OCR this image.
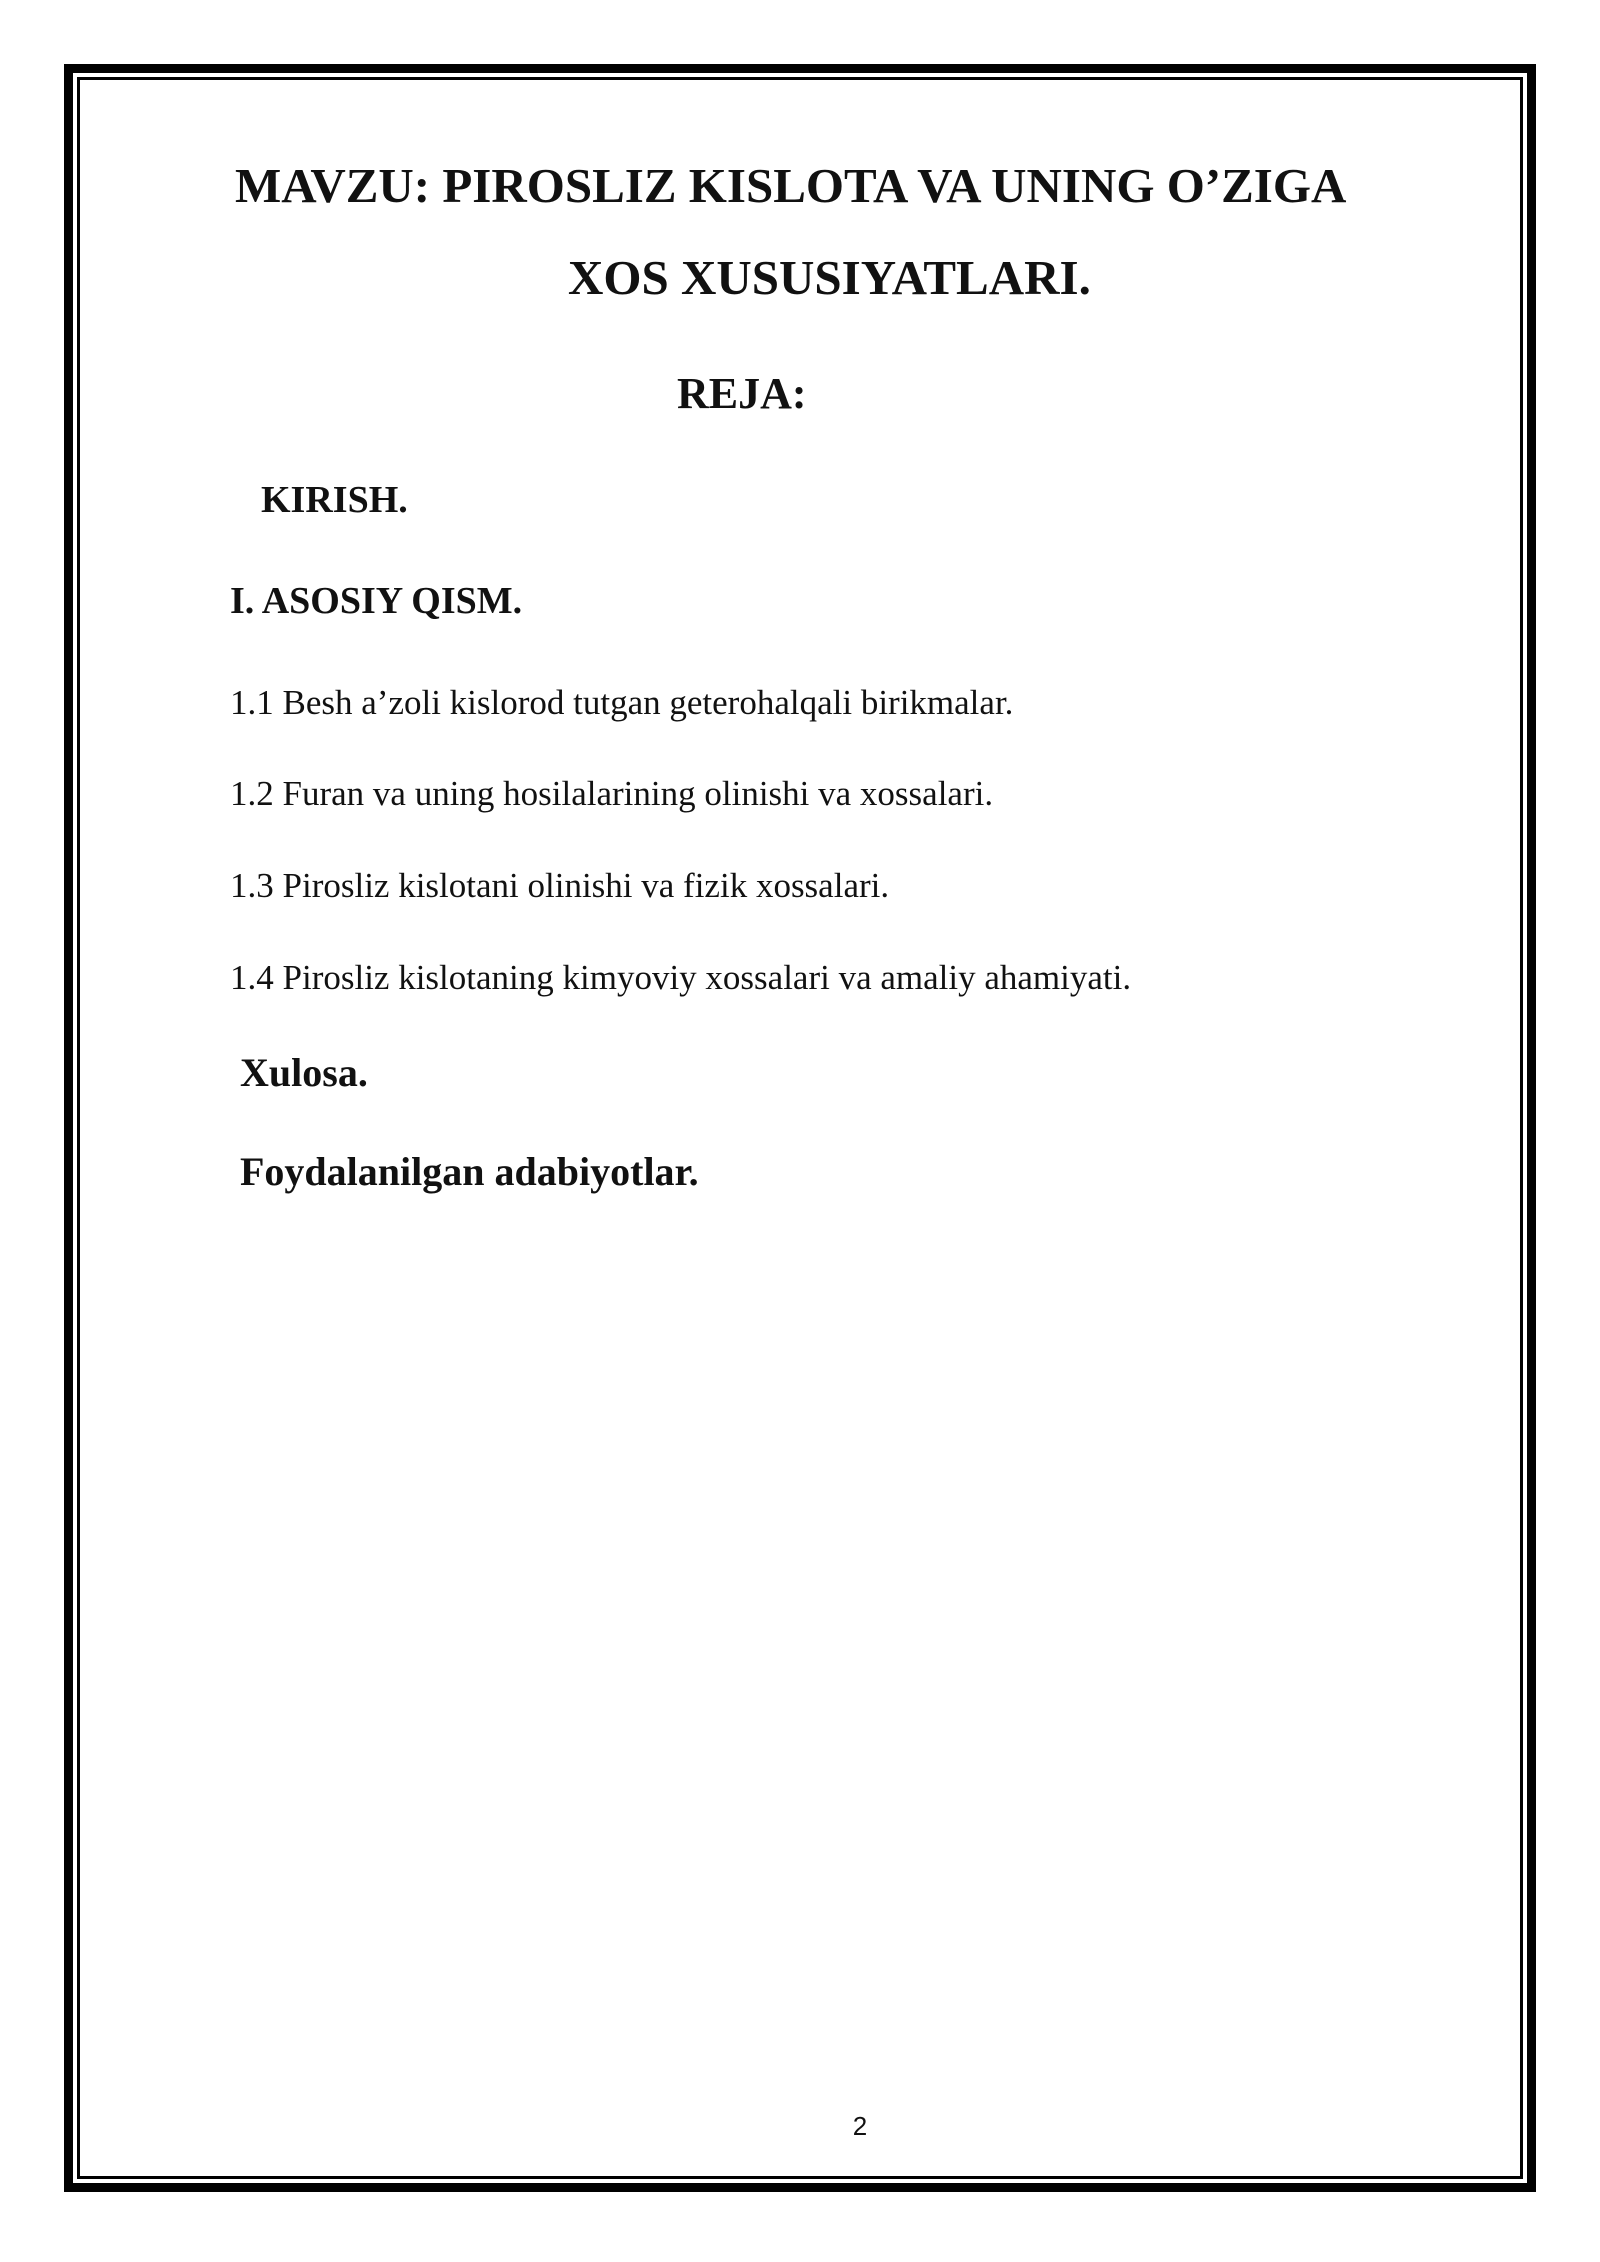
MAVZU: PIROSLIZ KISLOTA VA UNING O’ZIGA
XOS XUSUSIYATLARI.
REJA:
KIRISH.
I. ASOSIY QISM.
1.1 Besh a’zoli kislorod tutgan geterohalqali birikmalar.
1.2 Furan va uning hosilalarining olinishi va xossalari.
1.3 Pirosliz kislotani olinishi va fizik xossalari.
1.4 Pirosliz kislotaning kimyoviy xossalari va amaliy ahamiyati.
Xulosa.
Foydalanilgan adabiyotlar.
2
